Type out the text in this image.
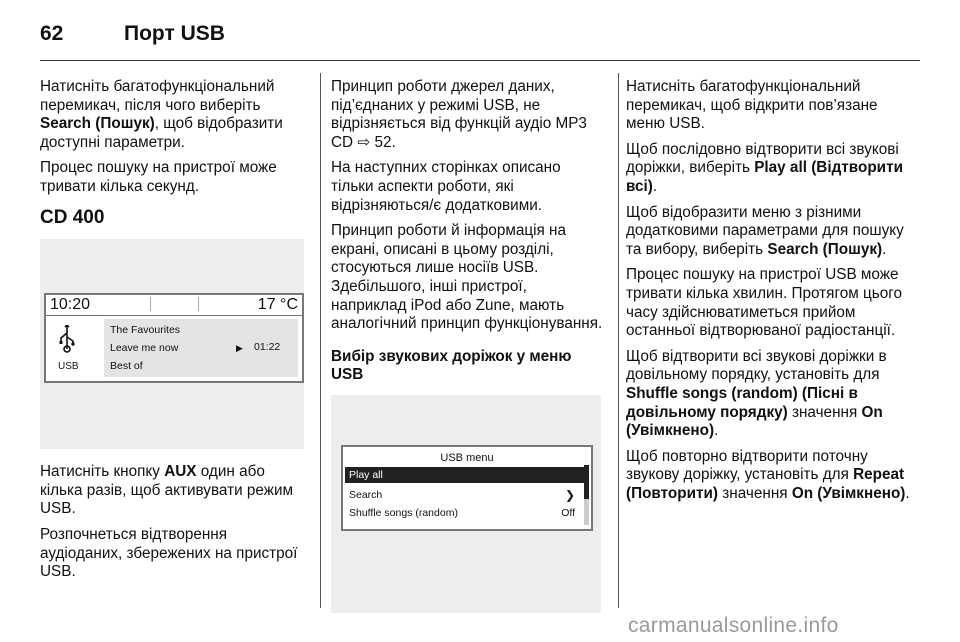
62	Порт USB

Натисніть багатофункціональний перемикач, після чого виберіть Search (Пошук), щоб відобразити доступні параметри.

Процес пошуку на пристрої може тривати кілька секунд.

CD 400
10:20	17 °C
USB
The Favourites
Leave me now	▶ 01:22
Best of

Натисніть кнопку AUX один або кілька разів, щоб активувати режим USB.

Розпочнеться відтворення аудіоданих, збережених на пристрої USB.

Принцип роботи джерел даних, під’єднаних у режимі USB, не відрізняється від функцій аудіо MP3 CD ⇨ 52.

На наступних сторінках описано тільки аспекти роботи, які відрізняються/є додатковими.

Принцип роботи й інформація на екрані, описані в цьому розділі, стосуються лише носіїв USB. Здебільшого, інші пристрої, наприклад iPod або Zune, мають аналогічний принцип функціонування.

Вибір звукових доріжок у меню USB

USB menu
Play all
Search	❯
Shuffle songs (random)	Off

Натисніть багатофункціональний перемикач, щоб відкрити пов’язане меню USB.

Щоб послідовно відтворити всі звукові доріжки, виберіть Play all (Відтворити всі).

Щоб відобразити меню з різними додатковими параметрами для пошуку та вибору, виберіть Search (Пошук).

Процес пошуку на пристрої USB може тривати кілька хвилин. Протягом цього часу здійснюватиметься прийом останньої відтворюваної радіостанції.

Щоб відтворити всі звукові доріжки в довільному порядку, установіть для Shuffle songs (random) (Пісні в довільному порядку) значення On (Увімкнено).

Щоб повторно відтворити поточну звукову доріжку, установіть для Repeat (Повторити) значення On (Увімкнено).

carmanualsonline.info
